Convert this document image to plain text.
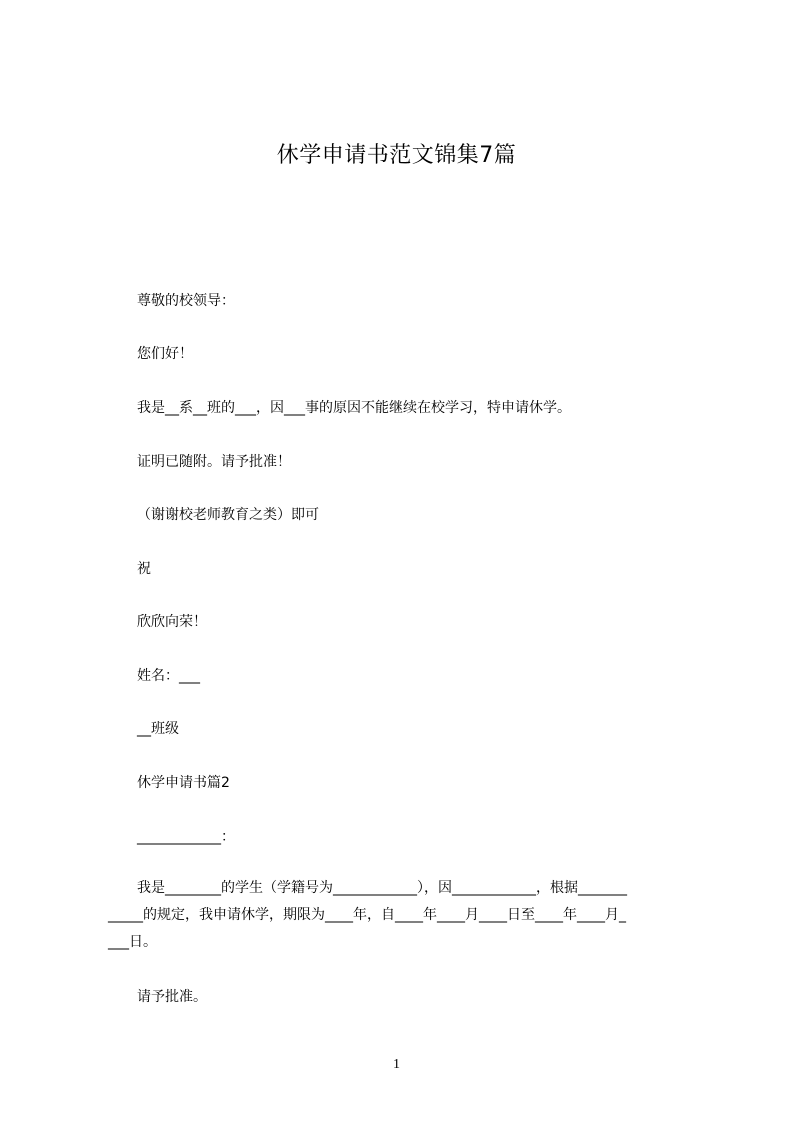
休学申请书范文锦集7篇
尊敬的校领导：
您们好！
我是__系__班的___，因___事的原因不能继续在校学习，特申请休学。
证明已随附。请予批准！
（谢谢校老师教育之类）即可
祝
欣欣向荣！
姓名：___
__班级
休学申请书篇2
____________：
我是________的学生（学籍号为____________），因____________，根据_______
_____的规定，我申请休学，期限为____年，自____年____月____日至____年____月_
___日。
请予批准。
1
